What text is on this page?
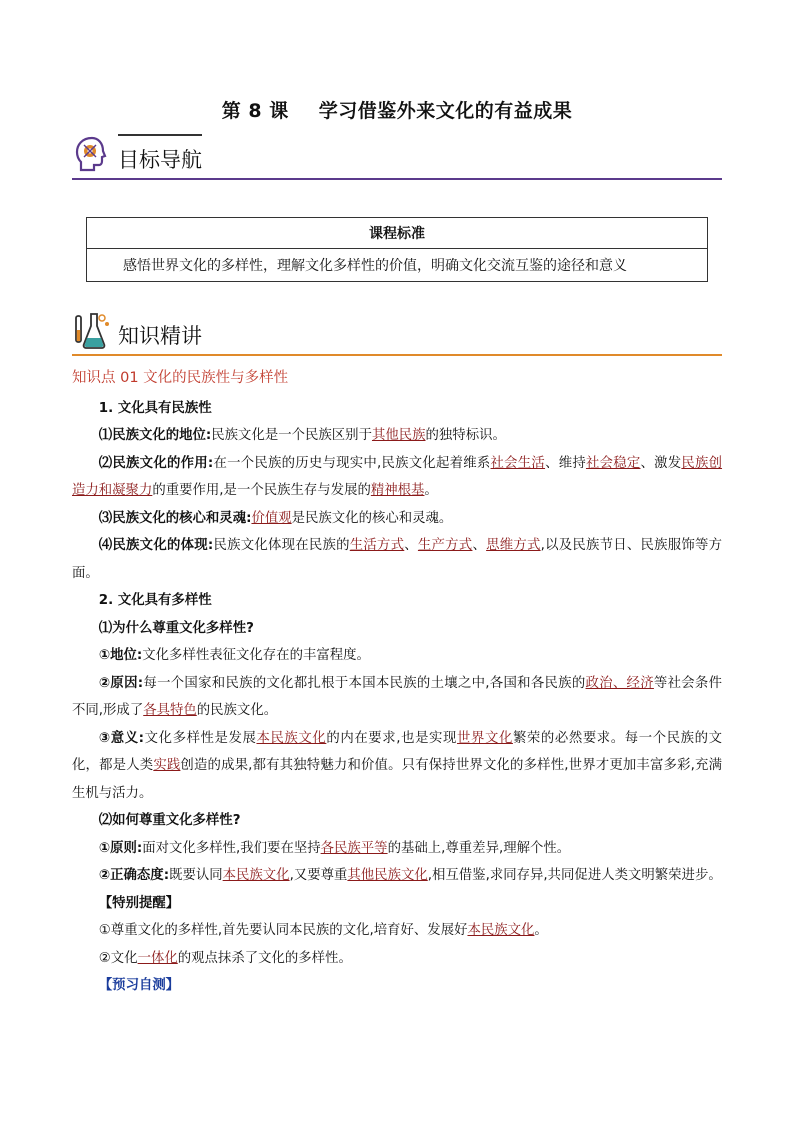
第 8 课 学习借鉴外来文化的有益成果
目标导航
课程标准
感悟世界文化的多样性，理解文化多样性的价值，明确文化交流互鉴的途径和意义
知识精讲
知识点 01 文化的民族性与多样性

1. 文化具有民族性

⑴民族文化的地位:民族文化是一个民族区别于其他民族的独特标识。

⑵民族文化的作用:在一个民族的历史与现实中,民族文化起着维系社会生活、维持社会稳定、激发民族创造力和凝聚力的重要作用,是一个民族生存与发展的精神根基。

⑶民族文化的核心和灵魂:价值观是民族文化的核心和灵魂。

⑷民族文化的体现:民族文化体现在民族的生活方式、生产方式、思维方式,以及民族节日、民族服饰等方面。

2. 文化具有多样性

⑴为什么尊重文化多样性?

①地位:文化多样性表征文化存在的丰富程度。

②原因:每一个国家和民族的文化都扎根于本国本民族的土壤之中,各国和各民族的政治、经济等社会条件不同,形成了各具特色的民族文化。

③意义:文化多样性是发展本民族文化的内在要求,也是实现世界文化繁荣的必然要求。每一个民族的文化，都是人类实践创造的成果,都有其独特魅力和价值。只有保持世界文化的多样性,世界才更加丰富多彩,充满生机与活力。

⑵如何尊重文化多样性?

①原则:面对文化多样性,我们要在坚持各民族平等的基础上,尊重差异,理解个性。

②正确态度:既要认同本民族文化,又要尊重其他民族文化,相互借鉴,求同存异,共同促进人类文明繁荣进步。

【特别提醒】

①尊重文化的多样性,首先要认同本民族的文化,培育好、发展好本民族文化。

②文化一体化的观点抹杀了文化的多样性。

【预习自测】
